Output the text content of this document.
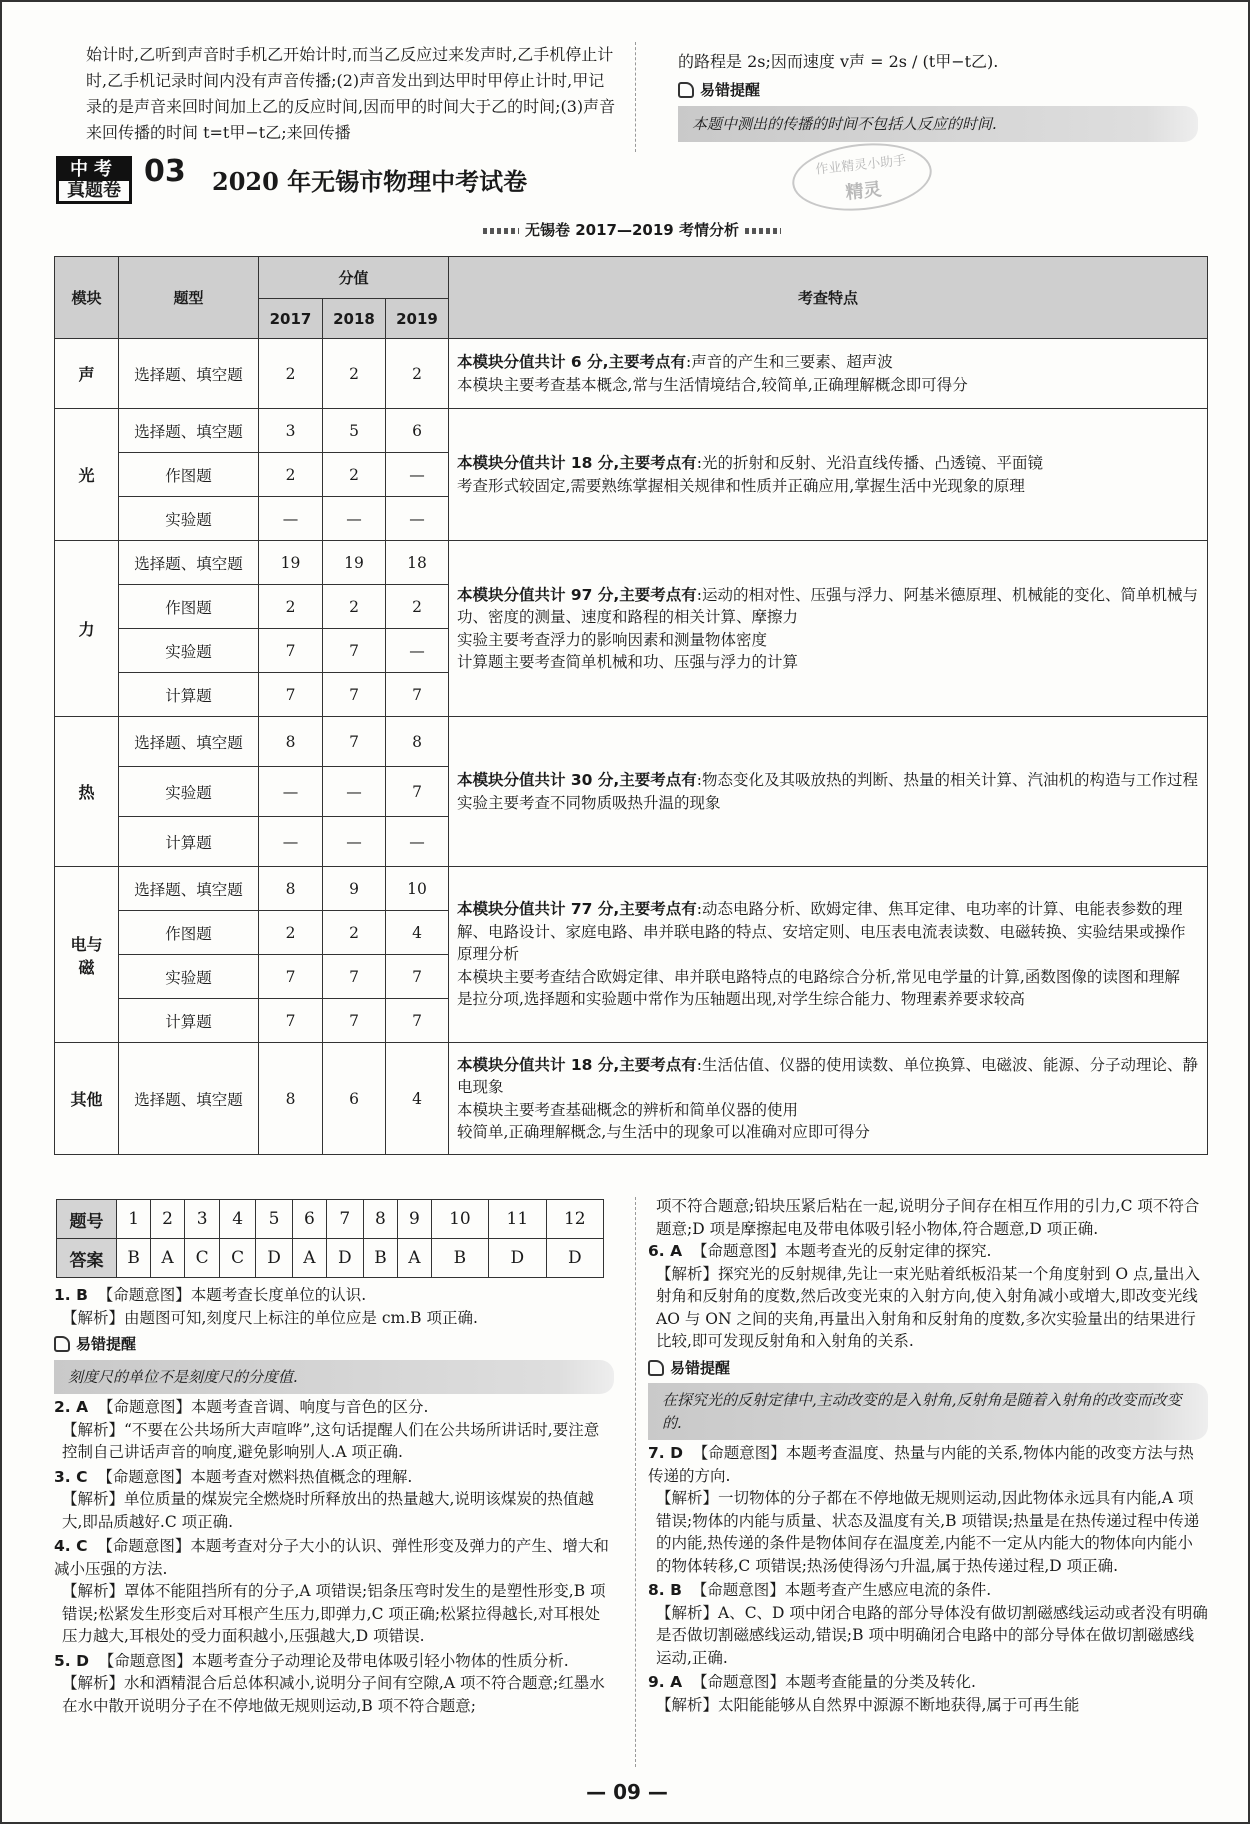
始计时,乙听到声音时手机乙开始计时,而当乙反应过来发声时,乙手机停止计时,乙手机记录时间内没有声音传播;(2)声音发出到达甲时甲停止计时,甲记录的是声音来回时间加上乙的反应时间,因而甲的时间大于乙的时间;(3)声音来回传播的时间 t=t甲−t乙;来回传播
的路程是 2s;因而速度 v声 = 2s / (t甲−t乙).
易错提醒
本题中测出的传播的时间不包括人反应的时间.
中考
真题卷
03 2020 年无锡市物理中考试卷
作业精灵小助手
精灵
无锡卷 2017—2019 考情分析
模块	题型	分值			考查特点
		2017	2018	2019	
声	选择题、填空题	2	2	2	本模块分值共计 6 分,主要考点有:声音的产生和三要素、超声波
本模块主要考查基本概念,常与生活情境结合,较简单,正确理解概念即可得分
光	选择题、填空题	3	5	6	本模块分值共计 18 分,主要考点有:光的折射和反射、光沿直线传播、凸透镜、平面镜
考查形式较固定,需要熟练掌握相关规律和性质并正确应用,掌握生活中光现象的原理
	作图题	2	2	—	
	实验题	—	—	—	
力	选择题、填空题	19	19	18	本模块分值共计 97 分,主要考点有:运动的相对性、压强与浮力、阿基米德原理、机械能的变化、简单机械与功、密度的测量、速度和路程的相关计算、摩擦力
实验主要考查浮力的影响因素和测量物体密度
计算题主要考查简单机械和功、压强与浮力的计算
	作图题	2	2	2	
	实验题	7	7	—	
	计算题	7	7	7	
热	选择题、填空题	8	7	8	本模块分值共计 30 分,主要考点有:物态变化及其吸放热的判断、热量的相关计算、汽油机的构造与工作过程
实验主要考查不同物质吸热升温的现象
	实验题	—	—	7	
	计算题	—	—	—	
电与磁	选择题、填空题	8	9	10	本模块分值共计 77 分,主要考点有:动态电路分析、欧姆定律、焦耳定律、电功率的计算、电能表参数的理解、电路设计、家庭电路、串并联电路的特点、安培定则、电压表电流表读数、电磁转换、实验结果或操作原理分析
本模块主要考查结合欧姆定律、串并联电路特点的电路综合分析,常见电学量的计算,函数图像的读图和理解
是拉分项,选择题和实验题中常作为压轴题出现,对学生综合能力、物理素养要求较高
	作图题	2	2	4	
	实验题	7	7	7	
	计算题	7	7	7	
其他	选择题、填空题	8	6	4	本模块分值共计 18 分,主要考点有:生活估值、仪器的使用读数、单位换算、电磁波、能源、分子动理论、静电现象
本模块主要考查基础概念的辨析和简单仪器的使用
较简单,正确理解概念,与生活中的现象可以准确对应即可得分
题号	1	2	3	4	5	6	7	8	9	10	11	12
答案	B	A	C	C	D	A	D	B	A	B	D	D
1. B 【命题意图】本题考查长度单位的认识.
【解析】由题图可知,刻度尺上标注的单位应是 cm.B 项正确.
易错提醒
刻度尺的单位不是刻度尺的分度值.
2. A 【命题意图】本题考查音调、响度与音色的区分.
【解析】“不要在公共场所大声喧哗”,这句话提醒人们在公共场所讲话时,要注意控制自己讲话声音的响度,避免影响别人.A 项正确.
3. C 【命题意图】本题考查对燃料热值概念的理解.
【解析】单位质量的煤炭完全燃烧时所释放出的热量越大,说明该煤炭的热值越大,即品质越好.C 项正确.
4. C 【命题意图】本题考查对分子大小的认识、弹性形变及弹力的产生、增大和减小压强的方法.
【解析】罩体不能阻挡所有的分子,A 项错误;铝条压弯时发生的是塑性形变,B 项错误;松紧发生形变后对耳根产生压力,即弹力,C 项正确;松紧拉得越长,对耳根处压力越大,耳根处的受力面积越小,压强越大,D 项错误.
5. D 【命题意图】本题考查分子动理论及带电体吸引轻小物体的性质分析.
【解析】水和酒精混合后总体积减小,说明分子间有空隙,A 项不符合题意;红墨水在水中散开说明分子在不停地做无规则运动,B 项不符合题意;
项不符合题意;铅块压紧后粘在一起,说明分子间存在相互作用的引力,C 项不符合题意;D 项是摩擦起电及带电体吸引轻小物体,符合题意,D 项正确.
6. A 【命题意图】本题考查光的反射定律的探究.
【解析】探究光的反射规律,先让一束光贴着纸板沿某一个角度射到 O 点,量出入射角和反射角的度数,然后改变光束的入射方向,使入射角减小或增大,即改变光线 AO 与 ON 之间的夹角,再量出入射角和反射角的度数,多次实验量出的结果进行比较,即可发现反射角和入射角的关系.
易错提醒
在探究光的反射定律中,主动改变的是入射角,反射角是随着入射角的改变而改变的.
7. D 【命题意图】本题考查温度、热量与内能的关系,物体内能的改变方法与热传递的方向.
【解析】一切物体的分子都在不停地做无规则运动,因此物体永远具有内能,A 项错误;物体的内能与质量、状态及温度有关,B 项错误;热量是在热传递过程中传递的内能,热传递的条件是物体间存在温度差,内能不一定从内能大的物体向内能小的物体转移,C 项错误;热汤使得汤勺升温,属于热传递过程,D 项正确.
8. B 【命题意图】本题考查产生感应电流的条件.
【解析】A、C、D 项中闭合电路的部分导体没有做切割磁感线运动或者没有明确是否做切割磁感线运动,错误;B 项中明确闭合电路中的部分导体在做切割磁感线运动,正确.
9. A 【命题意图】本题考查能量的分类及转化.
【解析】太阳能能够从自然界中源源不断地获得,属于可再生能
— 09 —
